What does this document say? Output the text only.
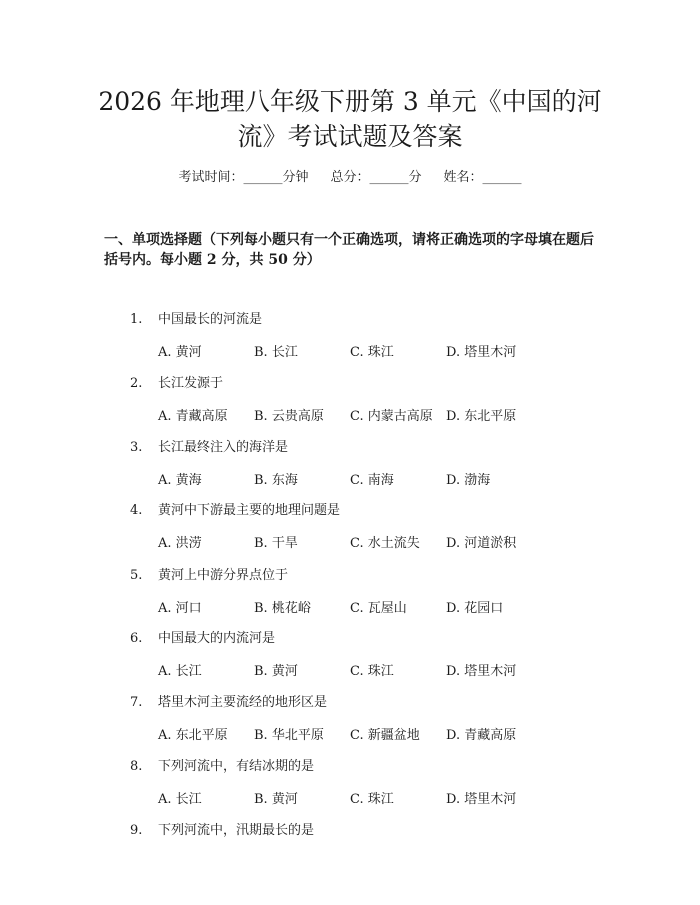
2026 年地理八年级下册第 3 单元《中国的河
流》考试试题及答案
考试时间：______分钟 总分：______分 姓名：______

一、单项选择题（下列每小题只有一个正确选项，请将正确选项的字母填在题后

括号内。每小题 2 分，共 50 分）

1. 中国最长的河流是
A. 黄河	B. 长江	C. 珠江	D. 塔里木河
2. 长江发源于
A. 青藏高原 B. 云贵高原 C. 内蒙古高原 D. 东北平原
3. 长江最终注入的海洋是
A. 黄海	B. 东海	C. 南海	D. 渤海
4. 黄河中下游最主要的地理问题是
A. 洪涝	B. 干旱	C. 水土流失 D. 河道淤积
5. 黄河上中游分界点位于
A. 河口	B. 桃花峪	C. 瓦屋山	D. 花园口
6. 中国最大的内流河是
A. 长江	B. 黄河	C. 珠江	D. 塔里木河
7. 塔里木河主要流经的地形区是
A. 东北平原 B. 华北平原 C. 新疆盆地 D. 青藏高原
8. 下列河流中，有结冰期的是
A. 长江	B. 黄河	C. 珠江	D. 塔里木河
9. 下列河流中，汛期最长的是
